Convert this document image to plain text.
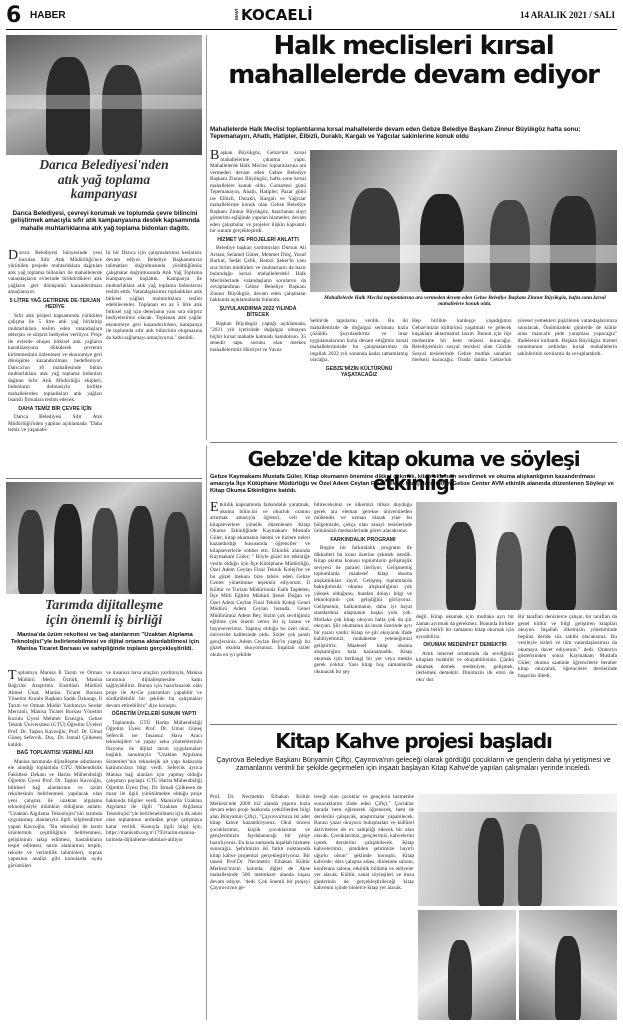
6 HABER	MAVİ KOCAELİ	14 ARALIK 2021 / SALI
Darıca Belediyesi'nden
atık yağ toplama
kampanyası
Darıca Belediyesi, çevreyi korumak ve toplumda çevre bilincini geliştirmek amacıyla sıfır atık kampanyasına destek kapsamında mahalle muhtarlıklarına atık yağ toplama bidonları dağıttı.

Darıca Belediyesi bünyesinde yeni kurulan Sıfır Atık Müdürlüğü'nce yürütülen projede muhtarlıklara dağıtılan atık yağ toplama bidonları ile mahallelerde vatandaşların evlerinde biriktirdikleri atık yağların geri dönüşümü kazandırılması amaçlanıyor.

5 LİTRE YAĞ GETİRENE DE-TERJAN HEDİYE

Sıfır atık projesi kapsamında yürütülen çalışma ile 5 litre atık yağ biriktirip muhtarlıklara teslim eden vatandaşlara deterjan ve sürpriz hediyeler veriliyor. Proje ile evlerde oluşan bitkisel atık yağların kanalizasyona dökülerek çevrenin kirlenmesinin önlenmesi ve ekonomiye geri dönüşüme kazandırılması hedefleniyor. Darıca'nın 16 mahallesinde bütün muhtarlıklara atık yağ toplama bidonları dağıtan Sıfır Atık Müdürlüğü ekipleri, bidonların dolmasıyla birlikte mahallelerden topladıkları atık yağları lisanslı firmalara teslim edecek.

DAHA TEMİZ BİR ÇEVRE İÇİN

Darıca Belediyesi Sıfır Atık Müdürlüğü'nden yapılan açıklamada "Daha temiz ve yaşanabi-

lir bir Darıca için çalışmalarımız kesintisiz devam ediyor. Belediye Başkanımızın talimatları doğrultusunda yürüttüğümüz çalışmalar doğrultusunda Atık Yağ Toplama Kampanyası başlattık. Kampanya ile muhtarlıklara atık yağ toplama bidonlarını teslim ettik. Vatandaşlarımız topladıkları atık bitkisel yağları muhtarlıklara teslim edebilecekler. Toplanan en az 5 litre atık bitkisel yağ için deterjanın yanı sıra sürpriz hediyelerimiz olacak. Toplanan atık yağlar ekonomiye geri kazandırılırken, kampanya ile toplumda sıfır atık bilincinin oluşmasına da katkı sağlamayı amaçlıyoruz." denildi.

Halk meclisleri kırsal
mahallelerde devam ediyor
Mahallelerde Halk Meclisi toplantılarına kırsal mahallelerde devam eden Gebze Belediye Başkanı Zinnur Büyükgöz hafta sonu; Tepemanayırı, Ahatlı, Hatipler, Elbizli, Duraklı, Kargalı ve Yağcılar sakinlerine konuk oldu

Başkan Büyükgöz, Gebze'nin kırsal mahallelerine çıkarma yaptı. Mahallelerde Halk Meclisi toplantılarına ara vermeden devam eden Gebze Belediye Başkanı Zinnur Büyükgöz, hafta sonu kırsal mahallelere konuk oldu. Cumartesi günü Tepemanayırı, Ahatlı, Hatipler; Pazar günü ise Elbizli, Duraklı, Kargalı ve Yağcılar mahallelerine konuk olan Gebze Belediye Başkanı Zinnur Büyükgöz, hazırlanan slayt gösterimi eşliğinde yapılan hizmetler, devam eden çalışmalar ve projeler ilişkin kapsamlı bir sunum gerçekleştirdi.

HİZMET VE PROJELERİ ANLATTI

Belediye başkan yardımcıları Dursun Ali Arslan, Selamet Güner, Mehmet Dinç, Yusuf Burkut, Sedat Çelik, Remzi Şeker'in yanı sıra birim müdürleri ve muhtarların da hazır bulunduğu kırsal mahallelerdeki Halk Meclislerinde vatandaşların sorularını da cevaplandıran Gebze Belediye Başkanı Zinnur Büyükgöz, devam eden çalışmalar hakkında açıklamalarda bulundu.

ŞUYULANDIRMA 2022 YILINDA BİTECEK

Başkan Büyükgöz yaptığı açıklamada, "2021 yılı içerisinde doğalgaz olmayan hiçbir kırsal mahalle kalmadı hamdolsun. 35 senedir tapu sorunu olan merkez mahallelerimiz Hürriyet ve Yavuz

Mahallelerde Halk Meclisi toplantılarına ara vermeden devam eden Gebze Belediye Başkanı Zinnur Büyükgöz, hafta sonu kırsal mahallelere konuk oldu.

Selim'de tapularını verdik. Bu iki mahallemizde de doğalgaz serümanı hızla çözüldü. Şuyulandırma ve imar uygulamalarının hızla devam ettiğimiz kırsal mahallelerimizde bu çalışmalarımızı da inşallah 2022 yılı sonunda kadar tamamlamış olacağız.

GEBZE'MİZİN KÜLTÜRÜNÜ YAŞATACAĞIZ

Hep birlikte kardeşçe yaşadığımız Gebze'mizin kültürünü yaşatmalı ve gelecek kuşaklara aktarmamız lazım. Bunun için ilçe merkezine bir kent müzesi kuracağız. Belediyemizin sosyal tesisleri olan Güzide Sosyal tesislerinde Gebze mutfak sanatları merkezi kuracağız. Orada daima Gebze'nin yöresel yemekleri pişirilerek vatandaşlarımıza sunulacak. Önümüzdeki günlerde de kültür arası mancarlı pide yarışması yapacağız" ifadelerini kullandı. Başkan Büyükgöz hizmet sunumunun ardından kırsal mahallelerin sakinlerinin sorularını da cevaplandırdı.

Gebze'de kitap okuma ve söyleşi etkinliği
Gebze Kaymakamı Mustafa Güler, Kitap okumanın önemine dikkat çekmek, kitap okumayı sevdirmek ve okuma alışkanlığının kazandırılması amacıyla İlçe Kütüphane Müdürlüğü ve Özel Adem Ceylan Final Teknik Koleji tarafından Gebze Center AVM etkinlik alanında düzenlenen Söyleşi ve Kitap Okuma Etkinliğine katıldı.

Etkinlik kapsamında farkındalık yaratmak, okuma bilincini ve okurluk oranını artırmak amacıyla öğrenci, veli ve kitapseverlere yönelik düzenlenen Kitap Okuma Etkinliğinde Kaymakam Mustafa Güler, kitap okumanın önemi ve bizlere neleri kazandırdığı hususunda öğrenciler ve kitapseverlerle sohbet etti. Etkinlik alanında Kaymakam Güler; " Böyle güzel bir etkinliğe vesile olduğu için İlçe Kütüphane Müdürlüğü, Özel Adem Ceylan Final Teknik Koleji'ne ve bu güzel mekanı bize tahsis eden Gebze Center yönetimine teşekkür ediyorum. İl Kültür ve Turizm Müdürümüz Fatih Taşdelen, İlçe Milli Eğitim Müdürü Şenol Doğan ve Özel Adem Ceylan Final Teknik Koleji Genel Müdürü Adem Ceylan bunada. Genel Müdürümüz Adem Bey, bizim çok sevdiğimiz eğitime çok önemi veren bir iş insanı ve hayırseverimiz. Yapmış olduğu bu özel okul, üniversite kalitesinde oldu. Sizler çok şanslı gençlersiniz. Adem Ceylan Bey'in yaptığı bu güzel okulda okuyorsunuz. İnşallah sizler okula en iyi şekilde

bitireceksiniz ve ülkemizi itibarı duyduğu gerek ara eleman gerekse üniversiteden mühendis ve uzman olarak yine bu bölgemizde, çokça olan sanayi tesislerinde ürününüzü merkezlerinde görev alacaksınız.

FARKINDALIK PROGRAMI

Bugün bir farkındalık programı ile dikkatleri bu konu üzerine çekmek istedik. Kitap okuma konusu toplumların gelişmişlik seviyesi ile paralel ilerliyor. Gelişmemiş toplumlarda maalesef kitap okuma alışkanlıkları zayıf. Gelişmiş toplumlarda baktığımızda okuma alışkanlığının çok yüksek olduğunu, bundan dolayı bilgi ve teknolojinin çok geliştiğini görüyoruz. Gelişmenin, kalkınmanın, daha iyi hayat standardına ulaşmanın başka yolu yok. Mutlaka çok kitap okuyun hatta çok da şiir okuyun. Şiir okumanın da insan üzerinde ayrı bir yararı vardır. Kitap ve şiir okuyarak ifade kabiliyetimizi, muhakeme yeteneğimizi geliştiririz. Maalesef kitap okuma alışkanlığını hala kazanamadık. Kitap okumak için herhangi bir yer veya mekân gerek yoktur. Yanı kitap boş zamanlarda okunacak bir şey

değil. Kitap okumak için mutlaka ayrı bir zaman ayırmak da gerekmez. Bununla birlikte günün belirli bir zamanını kitap okumak için ayırabiliriz.

OKUMAK MEDENİYET DEMEKTİR

Artık internet ortamında da sevdiğiniz kitapları bulabilir ve okuyabilirsiniz. Çünkü okumak demek medeniyet, gelişmek, ilerlemek demektir. Dinimizin ilk emri de oku' dur.

Bir tarafları denizlerce çalışın, bir tarafları da genel kültür ve bilgi geliştiren kitapları okuyun. İnşallah ülkemizin yönetiminde hepiniz ileride söz sahibi olacaksınız. Bu vesileyle sizleri ve tüm vatandaşlarımızı da okumaya davet ediyorum." dedi. Oratoryo gösterisinden sonra Kaymakam Mustafa Güler, okuma saatinde öğrencilerle beraber kitap okuyarak, öğrencilere derslerinde başarılar diledi.

Tarımda dijitalleşme
için önemli iş birliği
Manisa'da üzüm rekoltesi ve bağ alanlarının "Uzaktan Algılama Teknolojisi"yle belirlenebilmesi ve dijital ortama aktarılabilmesi için Manisa Ticaret Borsası ve sahipliğinde toplantı gerçekleştirildi.

Toplantıya Manisa İl Tarım ve Orman Müdürü Metin Öztürk, Manisa Bağcılık Araştırma Enstitüsü Müdürü Ahmet Ünal, Manisa Ticaret Borsası Yönetim Kurulu Başkanı Sadık Özkasap, İl Tarım ve Orman Müdür Yardımcısı Serdar Mercanlı, Manisa Ticaret Borsası Yönetim Kurulu Üyesi Mehmet Ersezgin, Gebze Teknik Üniversitesi (GTÜ) Öğretim Üyeleri Prof. Dr. Taşkın Kavzoğlu, Prof. Dr. Umut Güneş Sefercik, Doç. Dr. İsmail Çölkesen katıldı.

BAĞ TOPLANTISI VERİMLİ ADI

Manisa tarımında dijitalleşme adımlarını ele alındığı toplantıda GTÜ Mühendislik Fakültesi Dekanı ve Harita Mühendisliği Öğretim Üyesi Prof. Dr. Taşkın Kavzoğlu, bilimsel bağ alanlarının ve üzüm rekoltesinin belirlenmesi yapılacak olan yeni çalışma ile uzaktan algılama teknolojisiyle mümkün olduğunu anlattı. "Uzaktan Algılama Teknolojisi"nin tarımda uygulanmış alanlarıyla ilgili bilgilendirme yapan Kavzoğlu, "Bu teknoloji ile tarım ürünlerinin çeşitliliğinin belirlenmesi, gelişiminin takip edilmesi, hastalıkların tespit edilmesi, tarım alanlarının tespiti, rekolte ve verimlilik tahminleri, toprak yapısının analizi gibi konularda uydu görüntüleri

ve insansız hava araçları yardımıyla, Manisa tarımının dijitalleşmesine katkı sağlayabiliriz. Bunun için hazırlanacak olan proje ile Ar-Ge yatırımları yapabilir ve sürdürülebilir bir şekilde bu çalışmaları devam ettirebiliriz" diye konuştu.

ÖĞRETİM ÜYELERİ SUNUM YAPTI

Toplantıda GTÜ Harita Mühendisliği Öğretim Üyesi Prof. Dr. Umut Güneş Sefercik ise İnsansız Hava Aracı teknolojileri ve yapay zeka yöntemlerinin füzyonu ile dijital tarım uygulamaları başlıklı sunumuyla "Uzaktan Algılama Sistemleri"nin teknolojik alt yapı hakkında katılımcılara bilgi verdi. Sefercik ayrıca Manisa bağ alanları için yapmış olduğu çalışmayı paylaştı. GTÜ Harita Mühendisliği Öğretim Üyesi Doç. Dr. İsmail Çölkesen de mısır ile ilgili yürütülmekte olduğu proje hakkında bilgiler verdi. Manisa'da Uzaktan Algılama ile ilgili "Uzaktan Algılama Teknolojisi"yle belirlenebilmesi için ilk adım olan toplantının ardından proje çalışmaya karar verildi. Konuyla ilgili bilgi için; https://manisath.org.tr/1793/tarim-manisa-tarimda-dijitalleme-adimlari-atiliyor

Kitap Kahve projesi başladı
Çayırova Belediye Başkanı Bünyamin Çiftçi, Çayırova'nın geleceği olarak gördüğü çocukların ve gençlerin daha iyi yetişmesi ve zamanlarını verimli bir şekilde geçirmeleri için inşaatı başlayan Kitap Kahve'de yapılan çalışmaları yerinde inceledi.

Prof. Dr. Necmettin Erbakan Kültür Merkezi'nde 2000 m2 alanda yapımı hızla devam eden proje hakkında yetkililerden bilgi alan Bünyamin Çiftçi, "Çayırova'mıza iki adet kitap kahve kazandırıyoruz. Okul öncesi çocuklarımız, küçük çocuklarımız ve gençlerimizin faydalanacağı bir proje hazırlıyoruz. En kısa zamanda inşallah hizmete sunacağız. Şehrimizin iki farklı noktasında kitap kahve projemizi gerçekleştiriyoruz. Bir tanesi Prof.Dr. Necmettin Erbakan Kültür Merkezi'mizin kalında, diğeri de Akse mahallesinde 500 metrekare alanda inşası devam ediyor. "dedi. Çok önemli bir projeyi Çayırova'nın ge-

leceği olan çocuklar ve gençlerin hizmetine sunacaklarını ifade eden Çiftçi," Çocuklar burada hem eğlenerek öğrenecek, hem de derslerini çalışacak, araştırmalar yapabilecek. Burası yazar okuyucu buluşmaları ve kültürel aktivitelere de ev sahipliği edecek bir alan olacak. Çocuklarımız, gençlerimiz, kahvelerini içerek derslerini çalışabilecek. Kitap kahvelerimiz, şimdiden şehrimize hayırlı uğurlu olsun" şeklinde konuştu. Kitap kahvede; ders çalışma odası, dinlenme salonu, konferans salonu, etkinlik bölümü ve atölyeler yer alacak. Kültür, sanat söyleşileri ve imza günlerinin de gerçekleştirileceği kitap kahvenin içinde binlerce kitap yer alacak.
